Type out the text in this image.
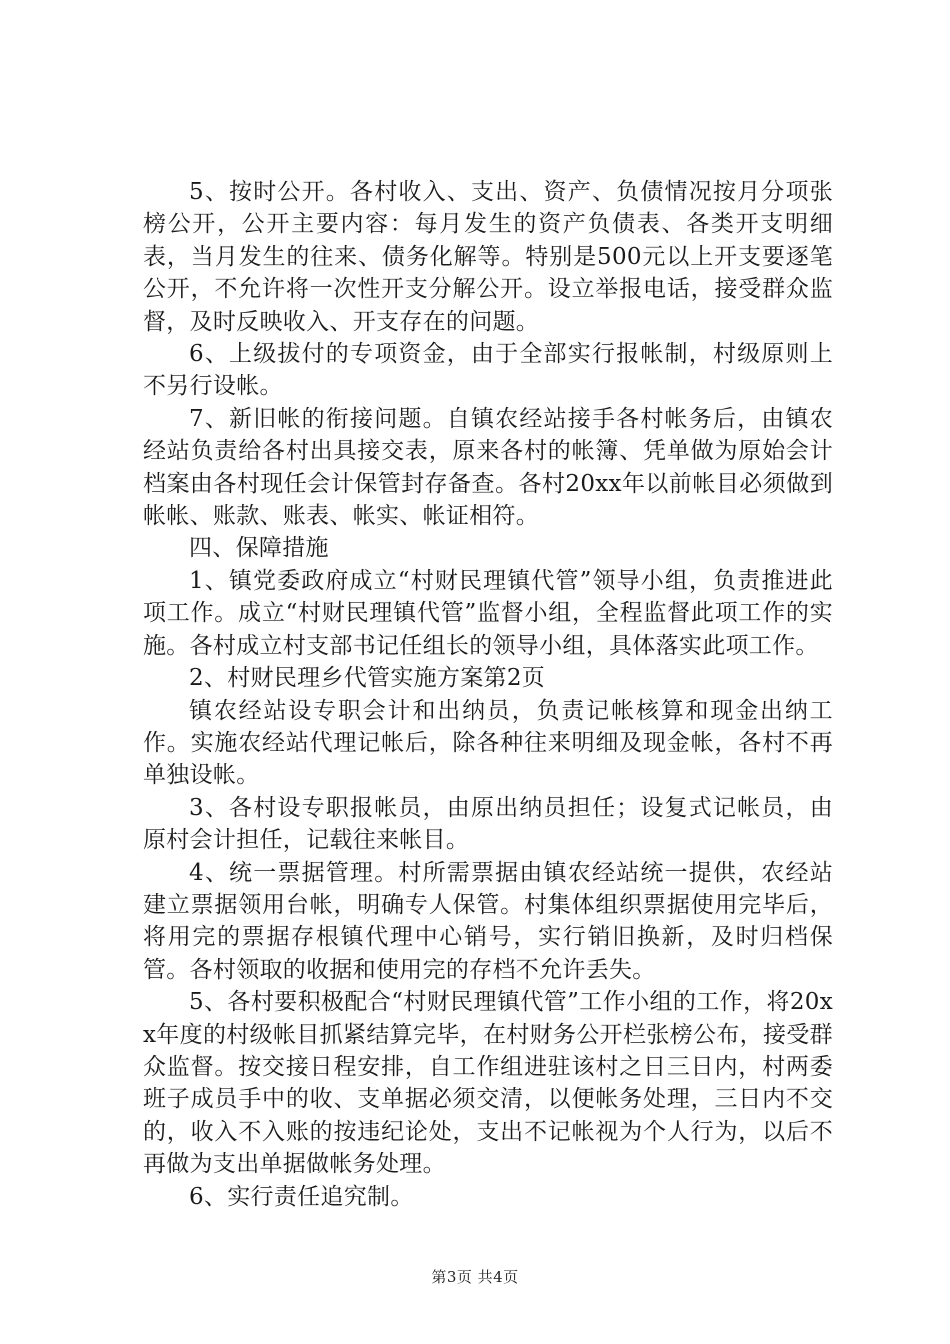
5、按时公开。各村收入、支出、资产、负债情况按月分项张榜公开，公开主要内容：每月发生的资产负债表、各类开支明细表，当月发生的往来、债务化解等。特别是500元以上开支要逐笔公开，不允许将一次性开支分解公开。设立举报电话，接受群众监督，及时反映收入、开支存在的问题。

6、上级拔付的专项资金，由于全部实行报帐制，村级原则上不另行设帐。

7、新旧帐的衔接问题。自镇农经站接手各村帐务后，由镇农经站负责给各村出具接交表，原来各村的帐簿、凭单做为原始会计档案由各村现任会计保管封存备查。各村20xx年以前帐目必须做到帐帐、账款、账表、帐实、帐证相符。

四、保障措施

1、镇党委政府成立“村财民理镇代管”领导小组，负责推进此项工作。成立“村财民理镇代管”监督小组，全程监督此项工作的实施。各村成立村支部书记任组长的领导小组，具体落实此项工作。

2、村财民理乡代管实施方案第2页

镇农经站设专职会计和出纳员，负责记帐核算和现金出纳工作。实施农经站代理记帐后，除各种往来明细及现金帐，各村不再单独设帐。

3、各村设专职报帐员，由原出纳员担任；设复式记帐员，由原村会计担任，记载往来帐目。

4、统一票据管理。村所需票据由镇农经站统一提供，农经站建立票据领用台帐，明确专人保管。村集体组织票据使用完毕后，将用完的票据存根镇代理中心销号，实行销旧换新，及时归档保管。各村领取的收据和使用完的存档不允许丢失。

5、各村要积极配合“村财民理镇代管”工作小组的工作，将20xx年度的村级帐目抓紧结算完毕，在村财务公开栏张榜公布，接受群众监督。按交接日程安排，自工作组进驻该村之日三日内，村两委班子成员手中的收、支单据必须交清，以便帐务处理，三日内不交的，收入不入账的按违纪论处，支出不记帐视为个人行为，以后不再做为支出单据做帐务处理。

6、实行责任追究制。

第3页 共4页
